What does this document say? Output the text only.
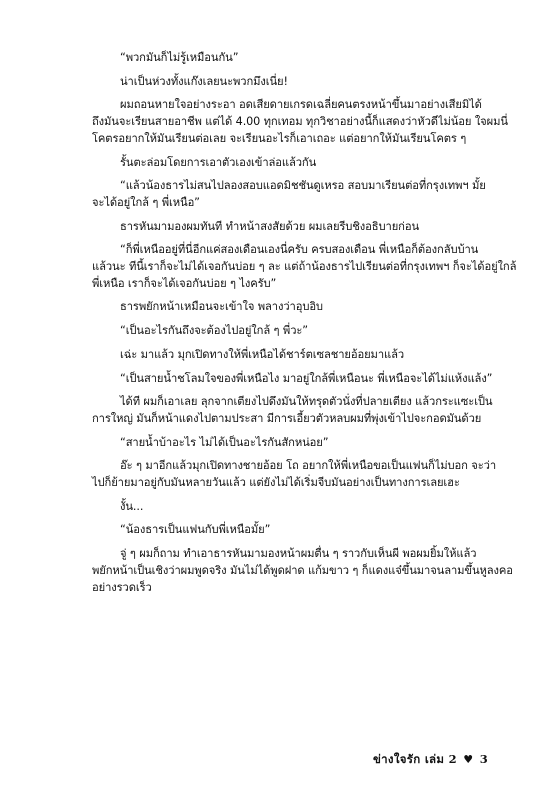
“พวกมันก็ไม่รู้เหมือนกัน”
น่าเป็นห่วงทั้งแก๊งเลยนะพวกมึงเนี่ย!
ผมถอนหายใจอย่างระอา อดเสียดายเกรดเฉลี่ยคนตรงหน้าขึ้นมาอย่างเสียมิได้
ถึงมันจะเรียนสายอาชีพ แต่ได้ 4.00 ทุกเทอม ทุกวิชาอย่างนี้ก็แสดงว่าหัวดีไม่น้อย ใจผมนี่
โคตรอยากให้มันเรียนต่อเลย จะเรียนอะไรก็เอาเถอะ แต่อยากให้มันเรียนโคตร ๆ
รั้นตะล่อมโดยการเอาตัวเองเข้าล่อแล้วกัน
“แล้วน้องธารไม่สนไปลองสอบแอดมิชชันดูเหรอ สอบมาเรียนต่อที่กรุงเทพฯ มั้ย
จะได้อยู่ใกล้ ๆ พี่เหนือ”
ธารหันมามองผมทันที ทำหน้าสงสัยด้วย ผมเลยรีบชิงอธิบายก่อน
“ก็พี่เหนืออยู่ที่นี่อีกแค่สองเดือนเองนี่ครับ ครบสองเดือน พี่เหนือก็ต้องกลับบ้าน
แล้วนะ ทีนี้เราก็จะไม่ได้เจอกันบ่อย ๆ ละ แต่ถ้าน้องธารไปเรียนต่อที่กรุงเทพฯ ก็จะได้อยู่ใกล้
พี่เหนือ เราก็จะได้เจอกันบ่อย ๆ ไงครับ”
ธารพยักหน้าเหมือนจะเข้าใจ พลางว่าอุบอิบ
“เป็นอะไรกันถึงจะต้องไปอยู่ใกล้ ๆ พี่วะ”
เฉ่ะ มาแล้ว มุกเปิดทางให้พี่เหนือได้ชาร์ตเซลชายอ้อยมาแล้ว
“เป็นสายน้ำชโลมใจของพี่เหนือไง มาอยู่ใกล้พี่เหนือนะ พี่เหนือจะได้ไม่แห้งแล้ง”
ได้ที ผมก็เอาเลย ลุกจากเตียงไปดึงมันให้ทรุดตัวนั่งที่ปลายเตียง แล้วกระแซะเป็น
การใหญ่ มันก็หน้าแดงไปตามประสา มีการเอี้ยวตัวหลบผมที่พุ่งเข้าไปจะกอดมันด้วย
“สายน้ำบ้าอะไร ไม่ได้เป็นอะไรกันสักหน่อย”
อ๊ะ ๆ มาอีกแล้วมุกเปิดทางชายอ้อย โถ อยากให้พี่เหนือขอเป็นแฟนก็ไม่บอก จะว่า
ไปก็ย้ายมาอยู่กับมันหลายวันแล้ว แต่ยังไม่ได้เริ่มจีบมันอย่างเป็นทางการเลยเฮะ
งั้น...
“น้องธารเป็นแฟนกับพี่เหนือมั้ย”
จู่ ๆ ผมก็ถาม ทำเอาธารหันมามองหน้าผมตื่น ๆ ราวกับเห็นผี พอผมยิ้มให้แล้ว
พยักหน้าเป็นเชิงว่าผมพูดจริง มันไม่ได้พูดฝาด แก้มขาว ๆ ก็แดงแจ๋ขึ้นมาจนลามขึ้นหูลงคอ
อย่างรวดเร็ว
ข่างใจรัก เล่ม 2 ♥ 3
